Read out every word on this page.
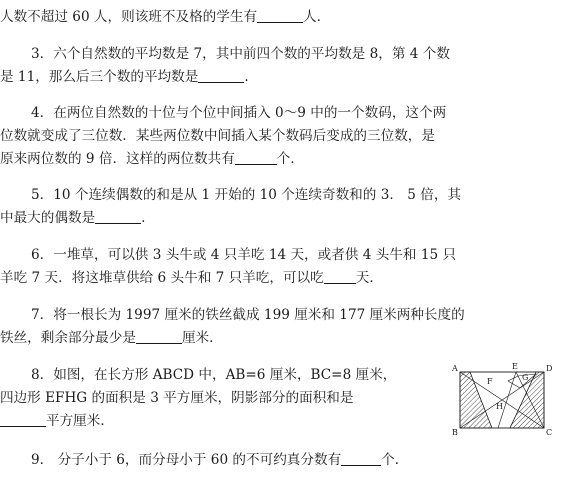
人数不超过 60 人，则该班不及格的学生有	人．
3．六个自然数的平均数是 7，其中前四个数的平均数是 8，第 4 个数
是 11，那么后三个数的平均数是	.
4．在两位自然数的十位与个位中间插入 0～9 中的一个数码，这个两
位数就变成了三位数．某些两位数中间插入某个数码后变成的三位数，是
原来两位数的 9 倍．这样的两位数共有	个．
5．10 个连续偶数的和是从 1 开始的 10 个连续奇数和的 3． 5 倍，其
中最大的偶数是	.
6．一堆草，可以供 3 头牛或 4 只羊吃 14 天，或者供 4 头牛和 15 只
羊吃 7 天．将这堆草供给 6 头牛和 7 只羊吃，可以吃 天．
7．将一根长为 1997 厘米的铁丝截成 199 厘米和 177 厘米两种长度的
铁丝，剩余部分最少是	厘米．
8．如图，在长方形 ABCD 中，AB=6 厘米，BC=8 厘米，
四边形 EFHG 的面积是 3 平方厘米，阴影部分的面积和是
平方厘米．
A
B	C
D
E
F	G
H
9． 分子小于 6，而分母小于 60 的不可约真分数有	个．
